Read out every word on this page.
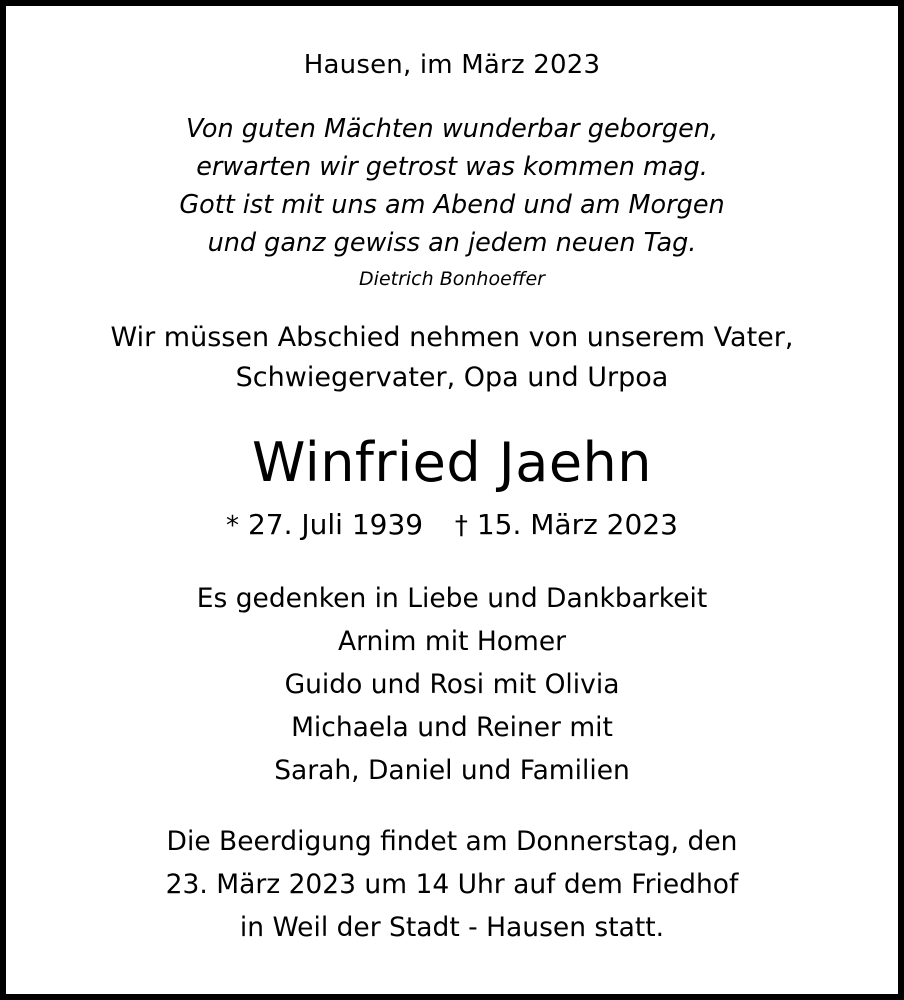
Hausen, im März 2023
Von guten Mächten wunderbar geborgen,
erwarten wir getrost was kommen mag.
Gott ist mit uns am Abend und am Morgen
und ganz gewiss an jedem neuen Tag.
Dietrich Bonhoeffer
Wir müssen Abschied nehmen von unserem Vater,
Schwiegervater, Opa und Urpoa
Winfried Jaehn
* 27. Juli 1939 † 15. März 2023
Es gedenken in Liebe und Dankbarkeit
Arnim mit Homer
Guido und Rosi mit Olivia
Michaela und Reiner mit
Sarah, Daniel und Familien
Die Beerdigung findet am Donnerstag, den
23. März 2023 um 14 Uhr auf dem Friedhof
in Weil der Stadt - Hausen statt.
